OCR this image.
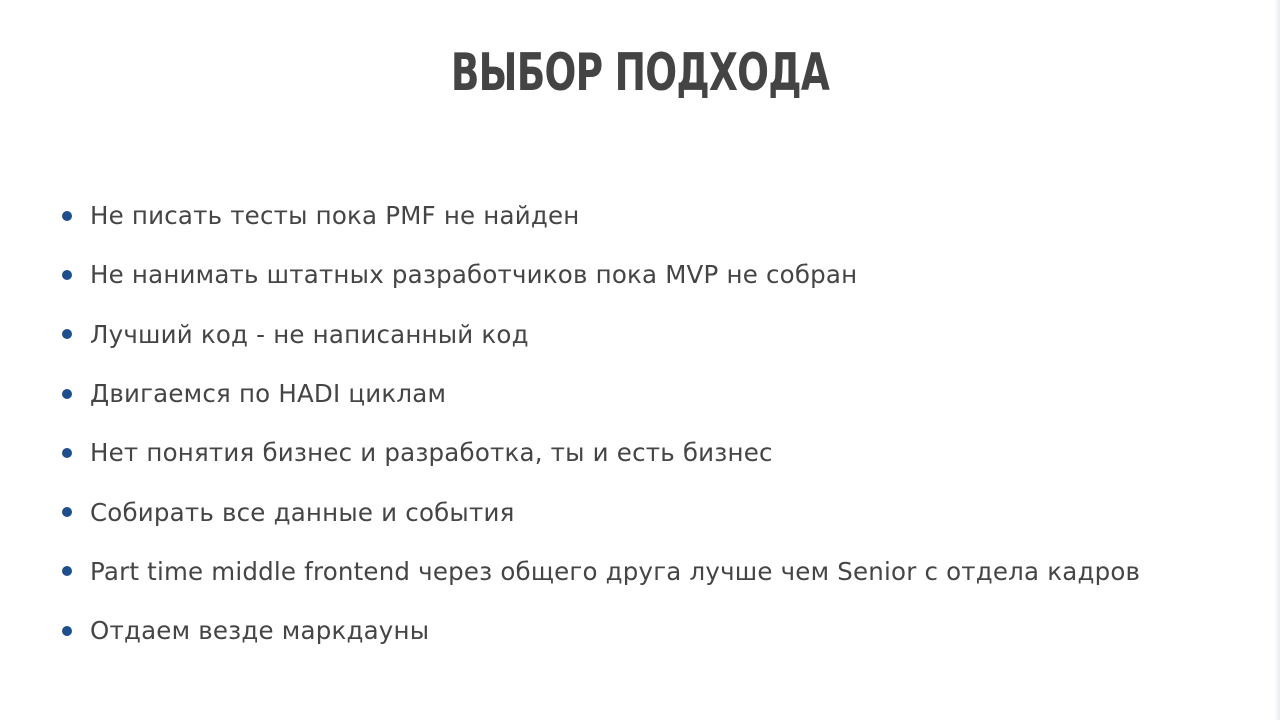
ВЫБОР ПОДХОДА
Не писать тесты пока PMF не найден
Не нанимать штатных разработчиков пока MVP не собран
Лучший код - не написанный код
Двигаемся по HADI циклам
Нет понятия бизнес и разработка, ты и есть бизнес
Собирать все данные и события
Part time middle frontend через общего друга лучше чем Senior с отдела кадров
Отдаем везде маркдауны
